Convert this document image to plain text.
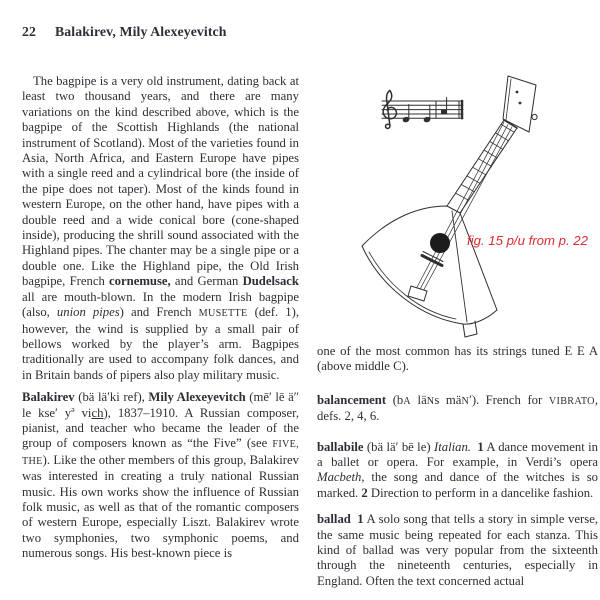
22 Balakirev, Mily Alexeyevitch

The bagpipe is a very old instrument, dating back at least two thousand years, and there are many variations on the kind described above, which is the bagpipe of the Scottish Highlands (the national instrument of Scotland). Most of the varieties found in Asia, North Africa, and Eastern Europe have pipes with a single reed and a cylindrical bore (the inside of the pipe does not taper). Most of the kinds found in western Europe, on the other hand, have pipes with a double reed and a wide conical bore (cone-shaped inside), producing the shrill sound associated with the Highland pipes. The chanter may be a single pipe or a double one. Like the Highland pipe, the Old Irish bagpipe, French cornemuse, and German Dudelsack all are mouth-blown. In the modern Irish bagpipe (also, union pipes) and French MUSETTE (def. 1), however, the wind is supplied by a small pair of bellows worked by the player’s arm. Bagpipes traditionally are used to accompany folk dances, and in Britain bands of pipers also play military music.

Balakirev (bä lä′ki ref), Mily Alexeyevitch (mē′ lē ä″ le kse′ $y^ə$ vich), 1837–1910. A Russian composer, pianist, and teacher who became the leader of the group of composers known as “the Five” (see FIVE, THE). Like the other members of this group, Balakirev was interested in creating a truly national Russian music. His own works show the influence of Russian folk music, as well as that of the romantic composers of western Europe, especially Liszt. Balakirev wrote two symphonies, two symphonic poems, and numerous songs. His best-known piece is

fig. 15 p/u from p. 22

one of the most common has its strings tuned E E A (above middle C).

balancement (bA läNs mäN′). French for VIBRATO, defs. 2, 4, 6.

ballabile (bä lä′ bē le) Italian.  1 A dance movement in a ballet or opera. For example, in Verdi’s opera Macbeth, the song and dance of the witches is so marked. 2 Direction to perform in a dancelike fashion.

ballad  1 A solo song that tells a story in simple verse, the same music being repeated for each stanza. This kind of ballad was very popular from the sixteenth through the nineteenth centuries, especially in England. Often the text concerned actual
